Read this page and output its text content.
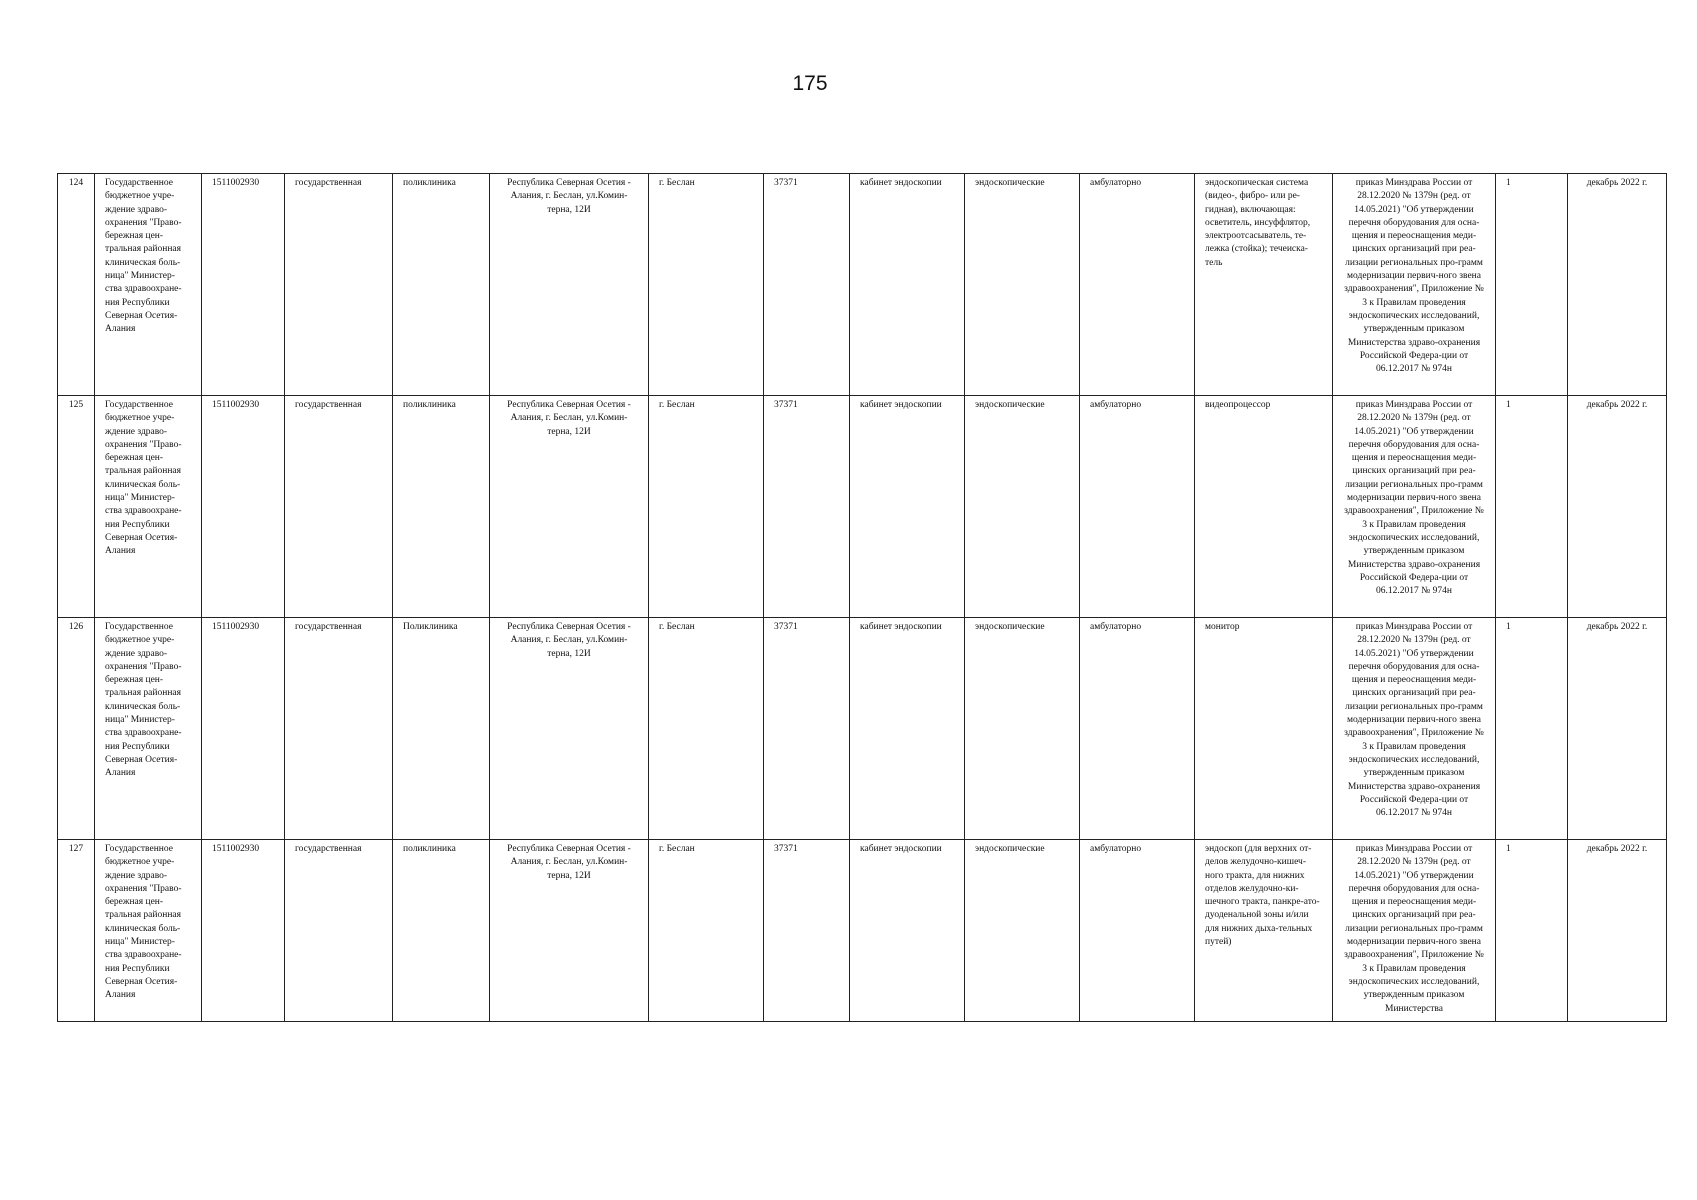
175
124	Государственное бюджетное учре-ждение здраво-охранения "Право-бережная цен-тральная районная клиническая боль-ница" Министер-ства здравоохране-ния Республики Северная Осетия-Алания	1511002930	государственная	поликлиника	Республика Северная Осетия - Алания, г. Беслан, ул.Комин-терна, 12И	г. Беслан	37371	кабинет эндоскопии	эндоскопические	амбулаторно	эндоскопическая система (видео-, фибро- или ре-гидная), включающая: осветитель, инсуффлятор, электроотсасыватель, те-лежка (стойка); течеиска-тель	приказ Минздрава России от 28.12.2020 № 1379н (ред. от 14.05.2021) "Об утверждении перечня оборудования для осна-щения и переоснащения меди-цинских организаций при реа-лизации региональных про-грамм модернизации первич-ного звена здравоохранения", Приложение № 3 к Правилам проведения эндоскопических исследований, утвержденным приказом Министерства здраво-охранения Российской Федера-ции от 06.12.2017 № 974н	1	декабрь 2022 г.
125	Государственное бюджетное учре-ждение здраво-охранения "Право-бережная цен-тральная районная клиническая боль-ница" Министер-ства здравоохране-ния Республики Северная Осетия-Алания	1511002930	государственная	поликлиника	Республика Северная Осетия - Алания, г. Беслан, ул.Комин-терна, 12И	г. Беслан	37371	кабинет эндоскопии	эндоскопические	амбулаторно	видеопроцессор	приказ Минздрава России от 28.12.2020 № 1379н (ред. от 14.05.2021) "Об утверждении перечня оборудования для осна-щения и переоснащения меди-цинских организаций при реа-лизации региональных про-грамм модернизации первич-ного звена здравоохранения", Приложение № 3 к Правилам проведения эндоскопических исследований, утвержденным приказом Министерства здраво-охранения Российской Федера-ции от 06.12.2017 № 974н	1	декабрь 2022 г.
126	Государственное бюджетное учре-ждение здраво-охранения "Право-бережная цен-тральная районная клиническая боль-ница" Министер-ства здравоохране-ния Республики Северная Осетия-Алания	1511002930	государственная	Поликлиника	Республика Северная Осетия - Алания, г. Беслан, ул.Комин-терна, 12И	г. Беслан	37371	кабинет эндоскопии	эндоскопические	амбулаторно	монитор	приказ Минздрава России от 28.12.2020 № 1379н (ред. от 14.05.2021) "Об утверждении перечня оборудования для осна-щения и переоснащения меди-цинских организаций при реа-лизации региональных про-грамм модернизации первич-ного звена здравоохранения", Приложение № 3 к Правилам проведения эндоскопических исследований, утвержденным приказом Министерства здраво-охранения Российской Федера-ции от 06.12.2017 № 974н	1	декабрь 2022 г.
127	Государственное бюджетное учре-ждение здраво-охранения "Право-бережная цен-тральная районная клиническая боль-ница" Министер-ства здравоохране-ния Республики Северная Осетия-Алания	1511002930	государственная	поликлиника	Республика Северная Осетия - Алания, г. Беслан, ул.Комин-терна, 12И	г. Беслан	37371	кабинет эндоскопии	эндоскопические	амбулаторно	эндоскоп (для верхних от-делов желудочно-кишеч-ного тракта, для нижних отделов желудочно-ки-шечного тракта, панкре-ато-дуоденальной зоны и/или для нижних дыха-тельных путей)	приказ Минздрава России от 28.12.2020 № 1379н (ред. от 14.05.2021) "Об утверждении перечня оборудования для осна-щения и переоснащения меди-цинских организаций при реа-лизации региональных про-грамм модернизации первич-ного звена здравоохранения", Приложение № 3 к Правилам проведения эндоскопических исследований, утвержденным приказом Министерства	1	декабрь 2022 г.
